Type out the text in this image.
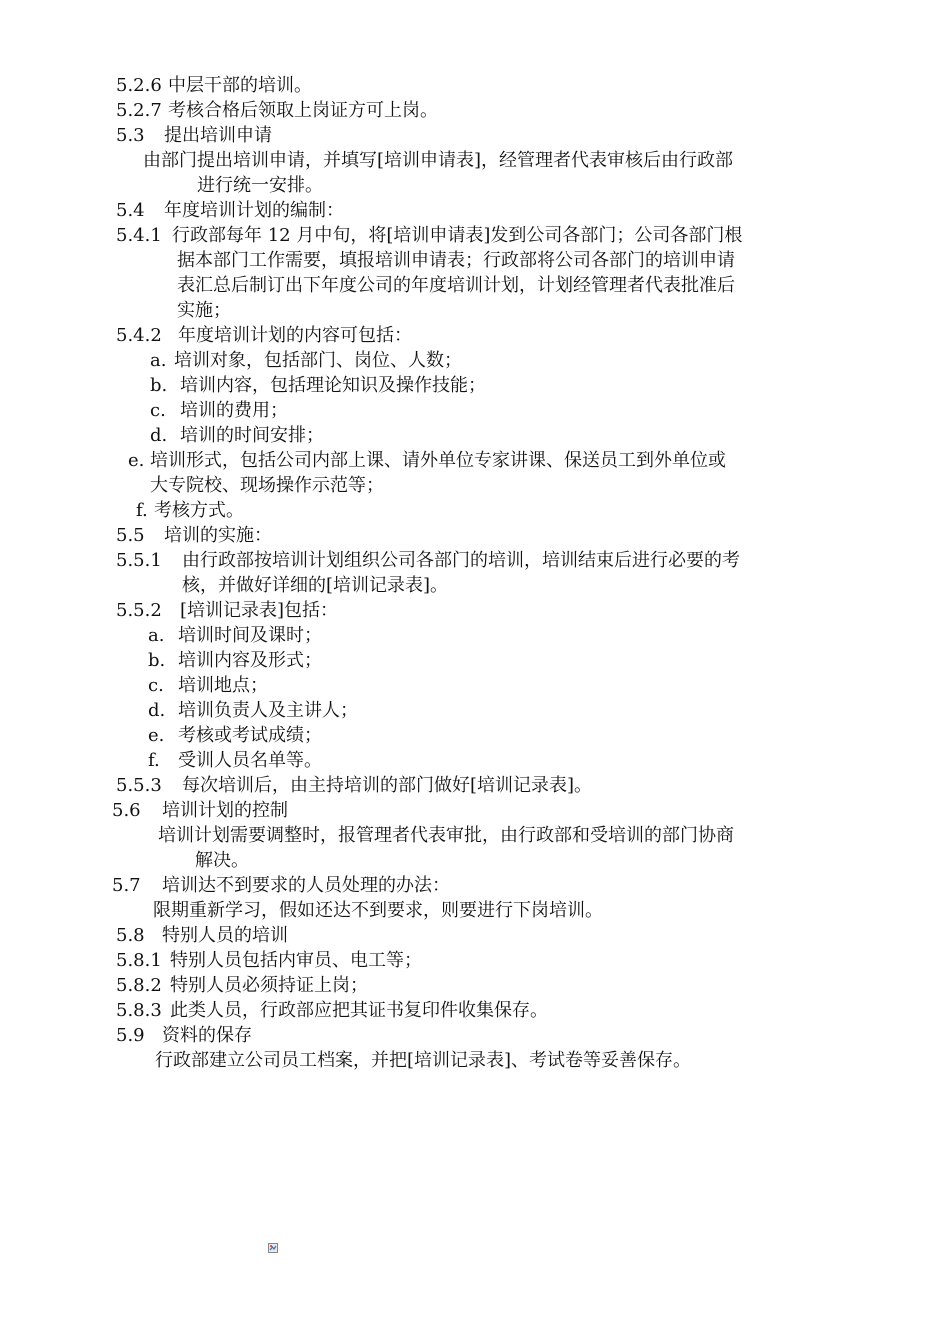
5.2.6 中层干部的培训。
5.2.7 考核合格后领取上岗证方可上岗。
5.3 提出培训申请
由部门提出培训申请，并填写[培训申请表]，经管理者代表审核后由行政部
进行统一安排。
5.4 年度培训计划的编制：
5.4.1 行政部每年 12 月中旬，将[培训申请表]发到公司各部门；公司各部门根
据本部门工作需要，填报培训申请表；行政部将公司各部门的培训申请
表汇总后制订出下年度公司的年度培训计划，计划经管理者代表批准后
实施；
5.4.2 年度培训计划的内容可包括：
a. 培训对象，包括部门、岗位、人数；
b. 培训内容，包括理论知识及操作技能；
c. 培训的费用；
d. 培训的时间安排；
e. 培训形式，包括公司内部上课、请外单位专家讲课、保送员工到外单位或
大专院校、现场操作示范等；
f. 考核方式。
5.5 培训的实施：
5.5.1 由行政部按培训计划组织公司各部门的培训，培训结束后进行必要的考
核，并做好详细的[培训记录表]。
5.5.2 [培训记录表]包括：
a. 培训时间及课时；
b. 培训内容及形式；
c. 培训地点；
d. 培训负责人及主讲人；
e. 考核或考试成绩；
f. 受训人员名单等。
5.5.3 每次培训后，由主持培训的部门做好[培训记录表]。
5.6 培训计划的控制
培训计划需要调整时，报管理者代表审批，由行政部和受培训的部门协商
解决。
5.7 培训达不到要求的人员处理的办法：
限期重新学习，假如还达不到要求，则要进行下岗培训。
5.8 特别人员的培训
5.8.1 特别人员包括内审员、电工等；
5.8.2 特别人员必须持证上岗；
5.8.3 此类人员，行政部应把其证书复印件收集保存。
5.9 资料的保存
行政部建立公司员工档案，并把[培训记录表]、考试卷等妥善保存。
